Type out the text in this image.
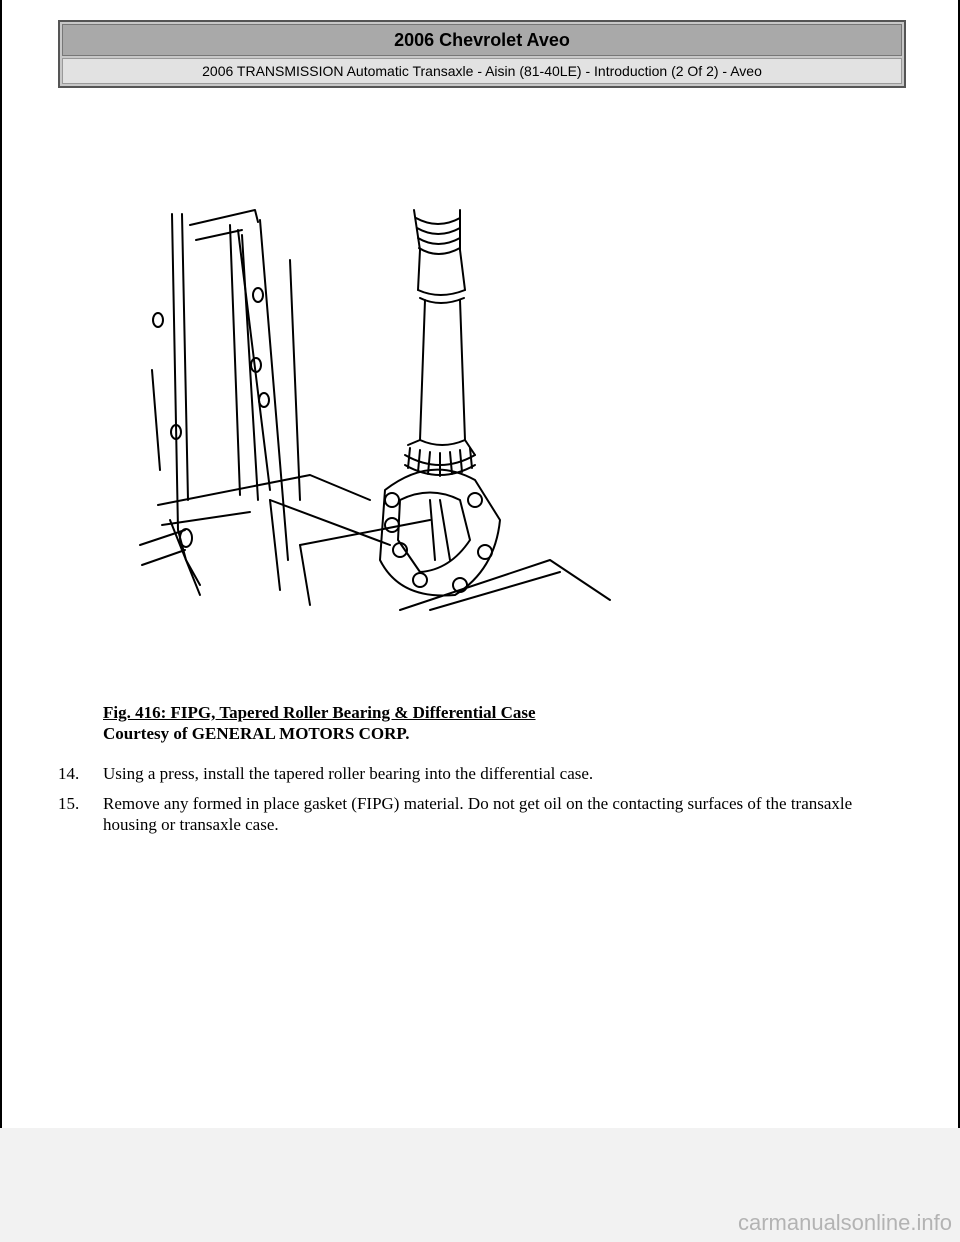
2006 Chevrolet Aveo
2006 TRANSMISSION Automatic Transaxle - Aisin (81-40LE) - Introduction (2 Of 2) - Aveo
Fig. 416: FIPG, Tapered Roller Bearing & Differential Case
Courtesy of GENERAL MOTORS CORP.
14. Using a press, install the tapered roller bearing into the differential case.
15. Remove any formed in place gasket (FIPG) material. Do not get oil on the contacting surfaces of the transaxle housing or transaxle case.
carmanualsonline.info
